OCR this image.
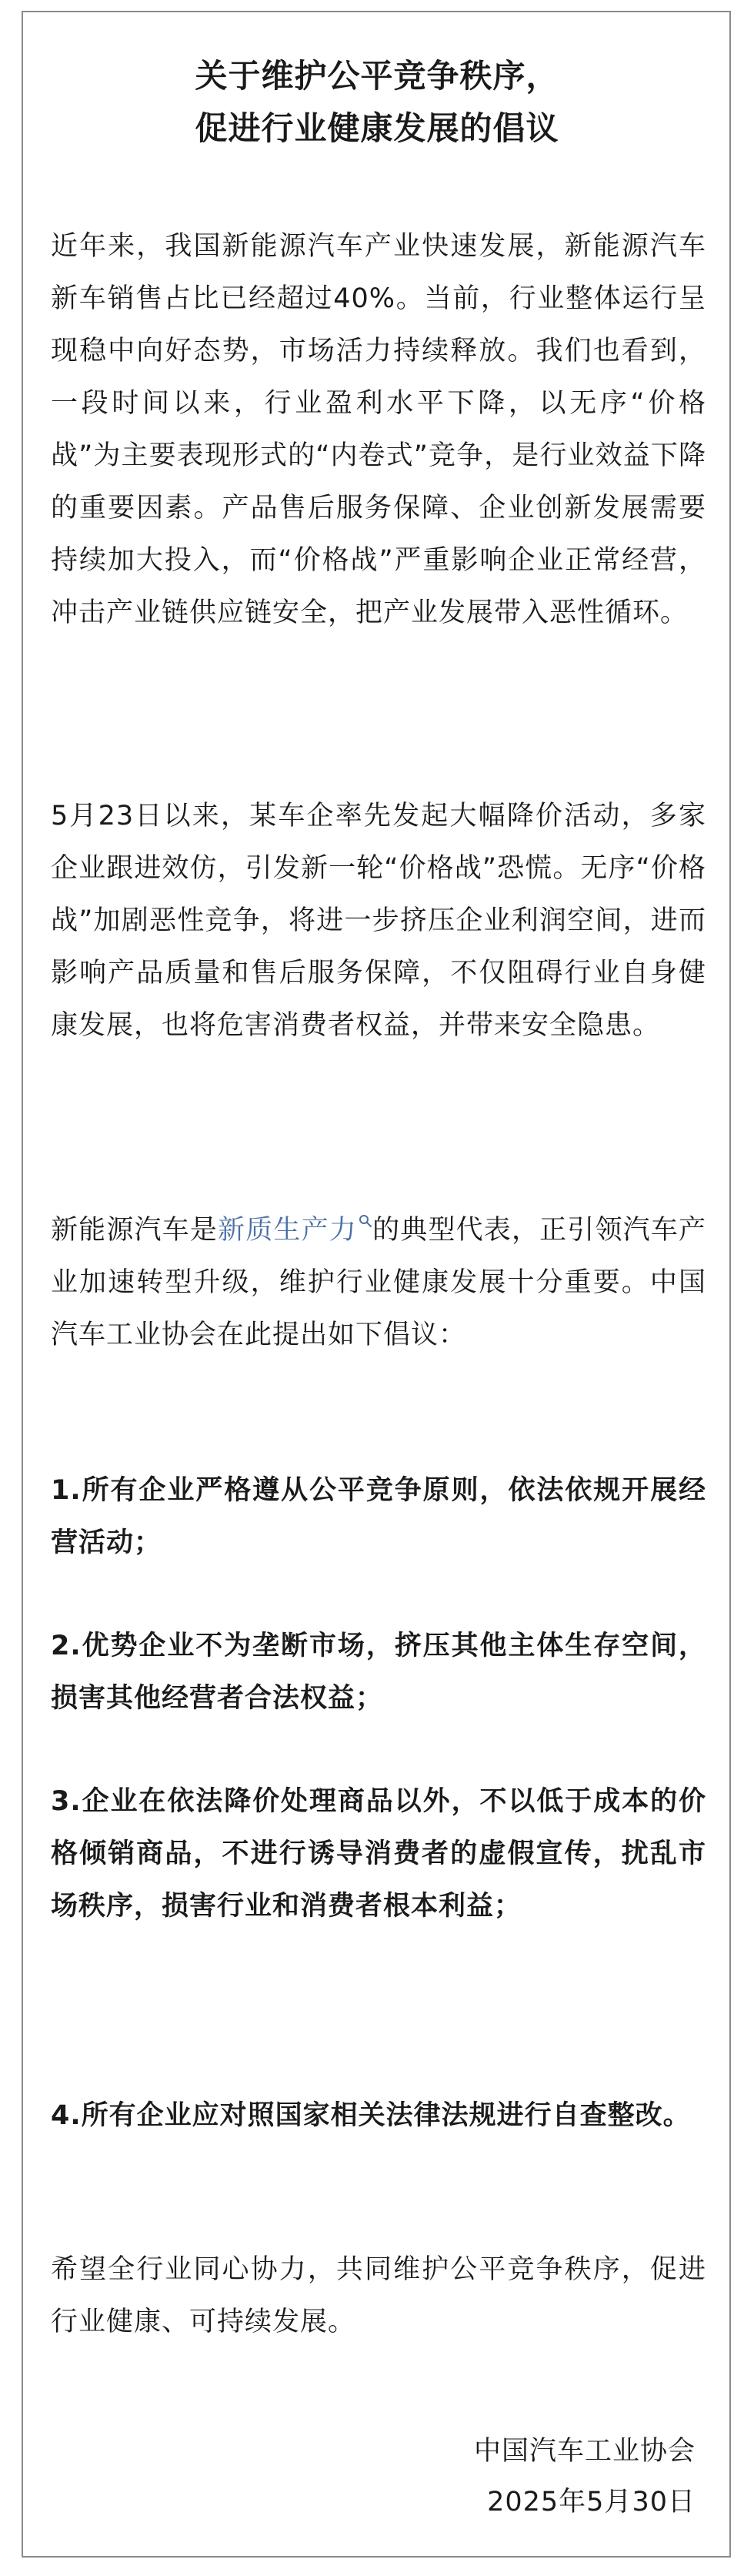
关于维护公平竞争秩序，
促进行业健康发展的倡议

近年来，我国新能源汽车产业快速发展，新能源汽车新车销售占比已经超过40%。当前，行业整体运行呈现稳中向好态势，市场活力持续释放。我们也看到，一段时间以来，行业盈利水平下降，以无序“价格战”为主要表现形式的“内卷式”竞争，是行业效益下降的重要因素。产品售后服务保障、企业创新发展需要持续加大投入，而“价格战”严重影响企业正常经营，冲击产业链供应链安全，把产业发展带入恶性循环。

5月23日以来，某车企率先发起大幅降价活动，多家企业跟进效仿，引发新一轮“价格战”恐慌。无序“价格战”加剧恶性竞争，将进一步挤压企业利润空间，进而影响产品质量和售后服务保障，不仅阻碍行业自身健康发展，也将危害消费者权益，并带来安全隐患。

新能源汽车是新质生产力 的典型代表，正引领汽车产业加速转型升级，维护行业健康发展十分重要。中国汽车工业协会在此提出如下倡议：

1.所有企业严格遵从公平竞争原则，依法依规开展经营活动；

2.优势企业不为垄断市场，挤压其他主体生存空间，损害其他经营者合法权益；

3.企业在依法降价处理商品以外，不以低于成本的价格倾销商品，不进行诱导消费者的虚假宣传，扰乱市场秩序，损害行业和消费者根本利益；

4.所有企业应对照国家相关法律法规进行自查整改。

希望全行业同心协力，共同维护公平竞争秩序，促进行业健康、可持续发展。

中国汽车工业协会
2025年5月30日
